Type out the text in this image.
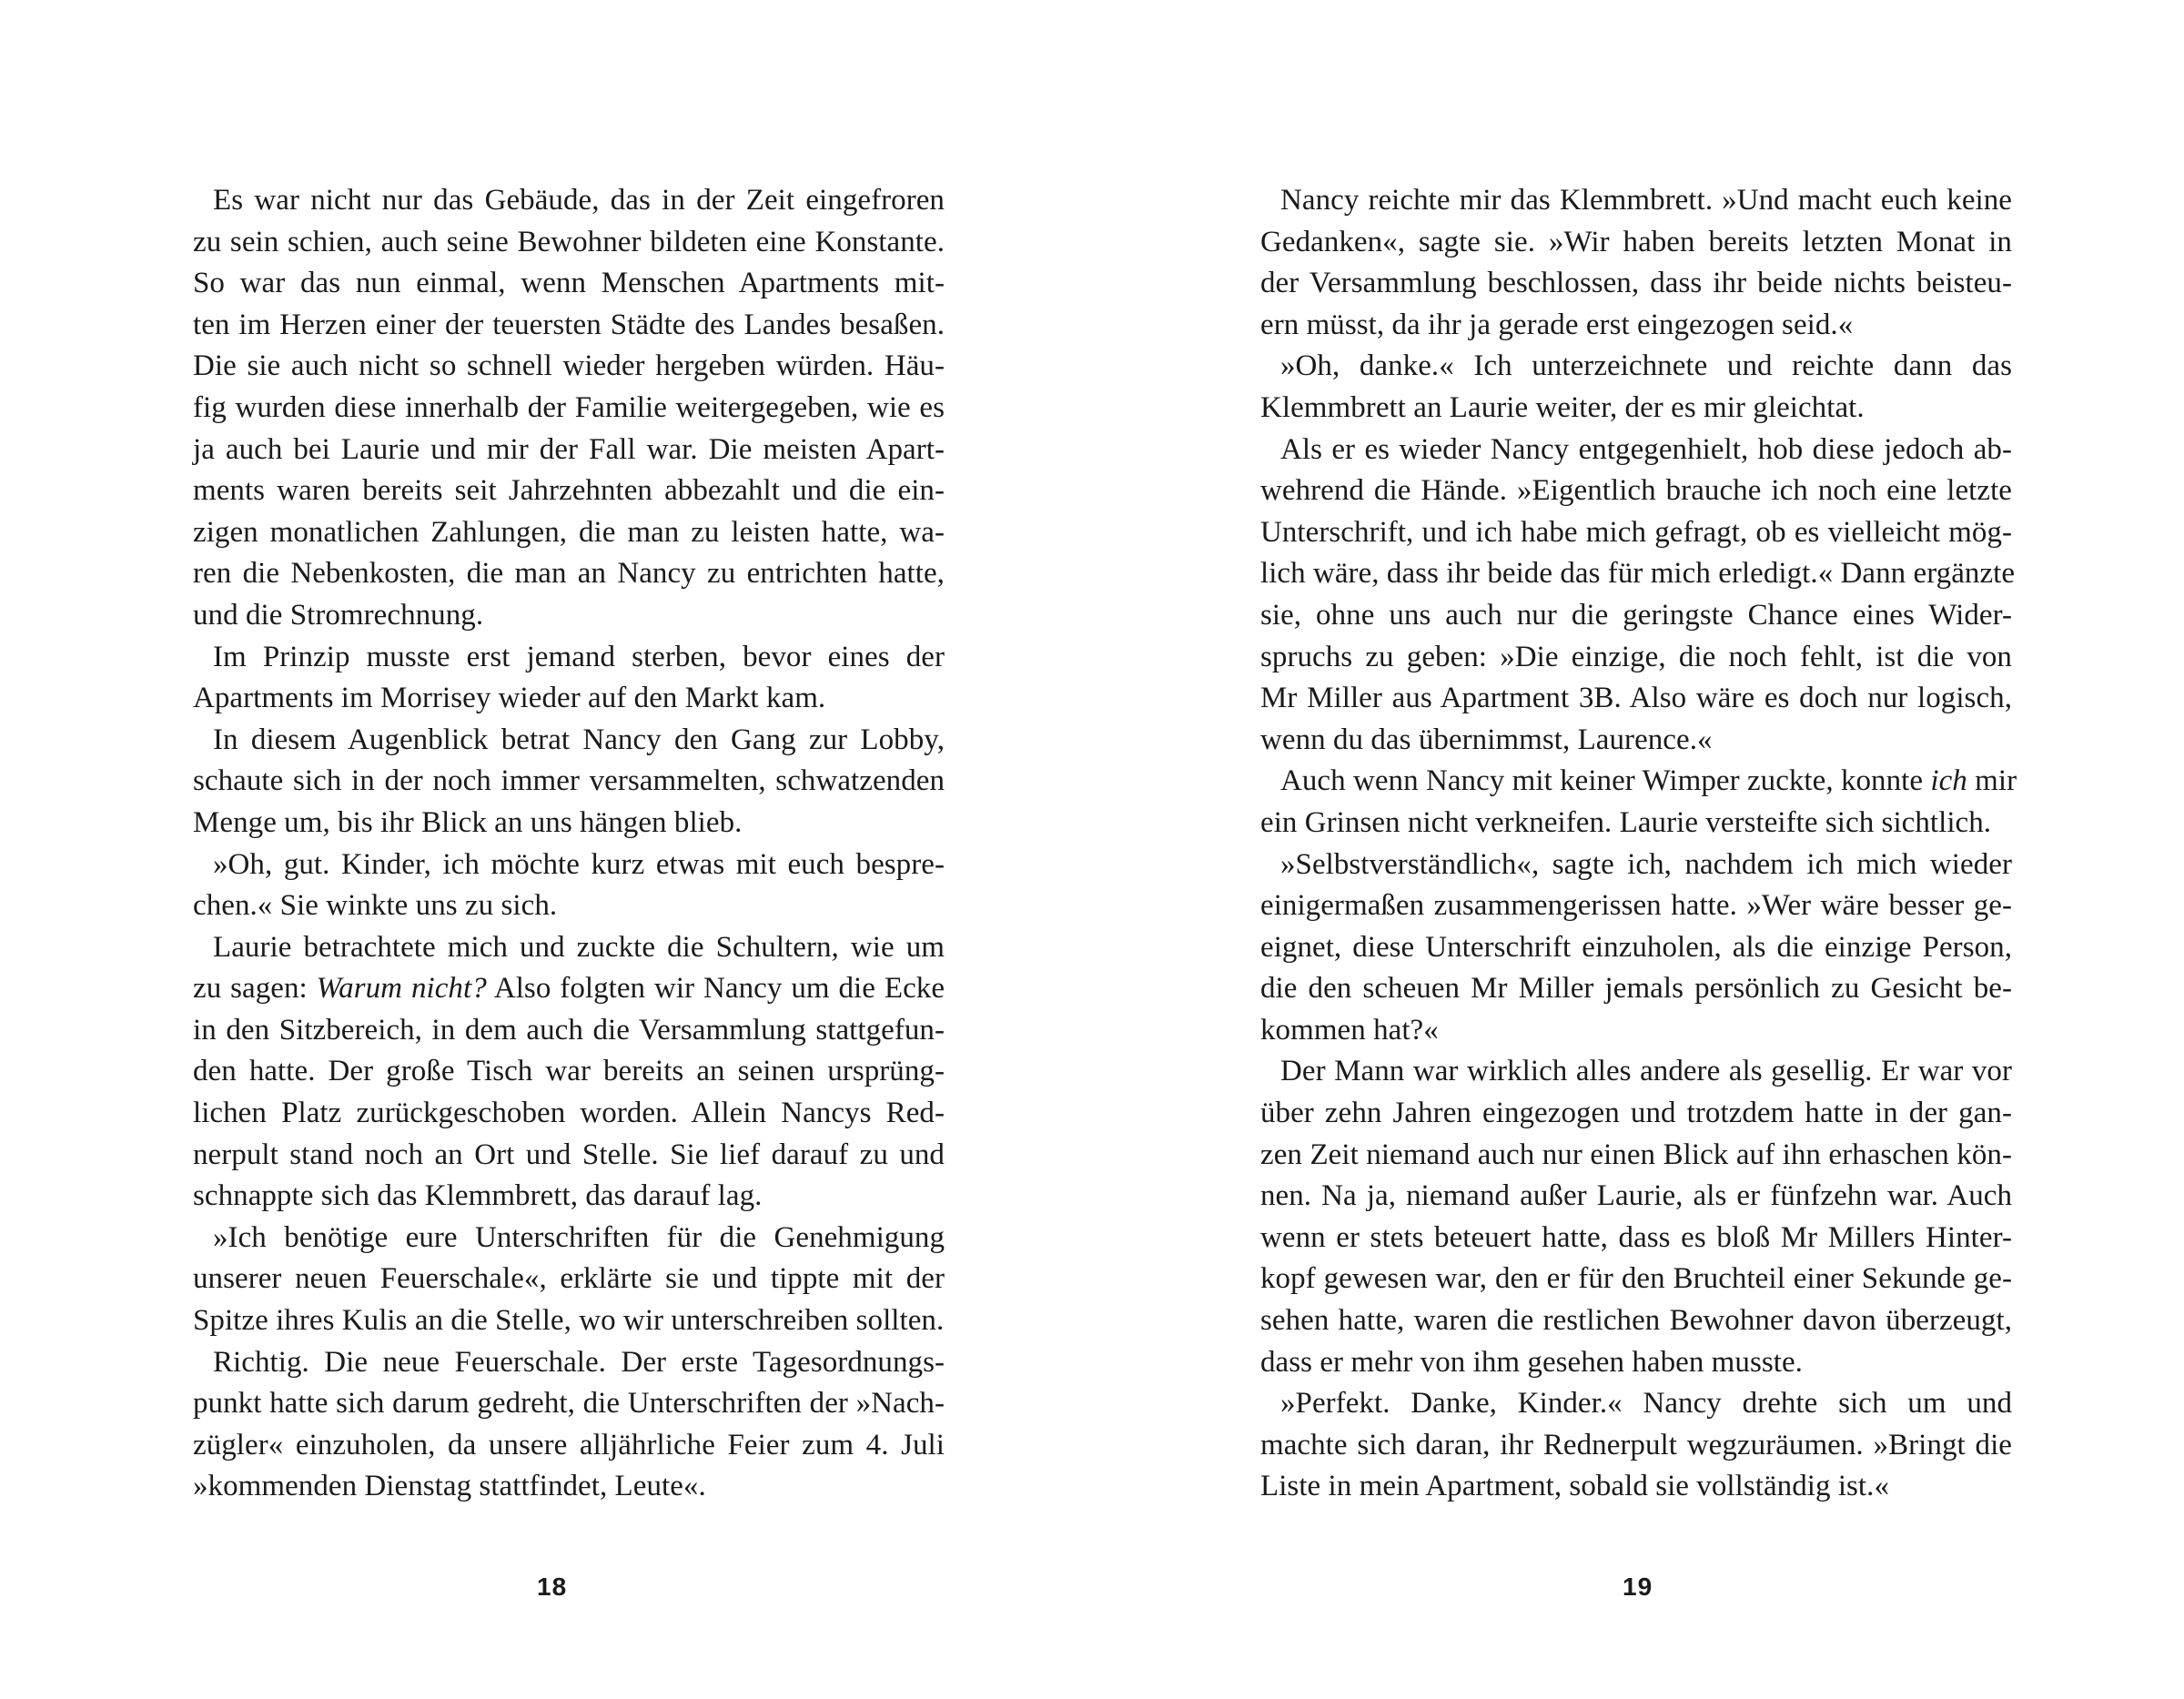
Es war nicht nur das Gebäude, das in der Zeit eingefroren
zu sein schien, auch seine Bewohner bildeten eine Konstante.
So war das nun einmal, wenn Menschen Apartments mit-
ten im Herzen einer der teuersten Städte des Landes besaßen.
Die sie auch nicht so schnell wieder hergeben würden. Häu-
fig wurden diese innerhalb der Familie weitergegeben, wie es
ja auch bei Laurie und mir der Fall war. Die meisten Apart-
ments waren bereits seit Jahrzehnten abbezahlt und die ein-
zigen monatlichen Zahlungen, die man zu leisten hatte, wa-
ren die Nebenkosten, die man an Nancy zu entrichten hatte,
und die Stromrechnung.
Im Prinzip musste erst jemand sterben, bevor eines der
Apartments im Morrisey wieder auf den Markt kam.
In diesem Augenblick betrat Nancy den Gang zur Lobby,
schaute sich in der noch immer versammelten, schwatzenden
Menge um, bis ihr Blick an uns hängen blieb.
»Oh, gut. Kinder, ich möchte kurz etwas mit euch bespre-
chen.« Sie winkte uns zu sich.
Laurie betrachtete mich und zuckte die Schultern, wie um
zu sagen: Warum nicht? Also folgten wir Nancy um die Ecke
in den Sitzbereich, in dem auch die Versammlung stattgefun-
den hatte. Der große Tisch war bereits an seinen ursprüng-
lichen Platz zurückgeschoben worden. Allein Nancys Red-
nerpult stand noch an Ort und Stelle. Sie lief darauf zu und
schnappte sich das Klemmbrett, das darauf lag.
»Ich benötige eure Unterschriften für die Genehmigung
unserer neuen Feuerschale«, erklärte sie und tippte mit der
Spitze ihres Kulis an die Stelle, wo wir unterschreiben sollten.
Richtig. Die neue Feuerschale. Der erste Tagesordnungs-
punkt hatte sich darum gedreht, die Unterschriften der »Nach-
zügler« einzuholen, da unsere alljährliche Feier zum 4. Juli
»kommenden Dienstag stattfindet, Leute«.
18
Nancy reichte mir das Klemmbrett. »Und macht euch keine
Gedanken«, sagte sie. »Wir haben bereits letzten Monat in
der Versammlung beschlossen, dass ihr beide nichts beisteu-
ern müsst, da ihr ja gerade erst eingezogen seid.«
»Oh, danke.« Ich unterzeichnete und reichte dann das
Klemmbrett an Laurie weiter, der es mir gleichtat.
Als er es wieder Nancy entgegenhielt, hob diese jedoch ab-
wehrend die Hände. »Eigentlich brauche ich noch eine letzte
Unterschrift, und ich habe mich gefragt, ob es vielleicht mög-
lich wäre, dass ihr beide das für mich erledigt.« Dann ergänzte
sie, ohne uns auch nur die geringste Chance eines Wider-
spruchs zu geben: »Die einzige, die noch fehlt, ist die von
Mr Miller aus Apartment 3B. Also wäre es doch nur logisch,
wenn du das übernimmst, Laurence.«
Auch wenn Nancy mit keiner Wimper zuckte, konnte ich mir
ein Grinsen nicht verkneifen. Laurie versteifte sich sichtlich.
»Selbstverständlich«, sagte ich, nachdem ich mich wieder
einigermaßen zusammengerissen hatte. »Wer wäre besser ge-
eignet, diese Unterschrift einzuholen, als die einzige Person,
die den scheuen Mr Miller jemals persönlich zu Gesicht be-
kommen hat?«
Der Mann war wirklich alles andere als gesellig. Er war vor
über zehn Jahren eingezogen und trotzdem hatte in der gan-
zen Zeit niemand auch nur einen Blick auf ihn erhaschen kön-
nen. Na ja, niemand außer Laurie, als er fünfzehn war. Auch
wenn er stets beteuert hatte, dass es bloß Mr Millers Hinter-
kopf gewesen war, den er für den Bruchteil einer Sekunde ge-
sehen hatte, waren die restlichen Bewohner davon überzeugt,
dass er mehr von ihm gesehen haben musste.
»Perfekt. Danke, Kinder.« Nancy drehte sich um und
machte sich daran, ihr Rednerpult wegzuräumen. »Bringt die
Liste in mein Apartment, sobald sie vollständig ist.«
19
